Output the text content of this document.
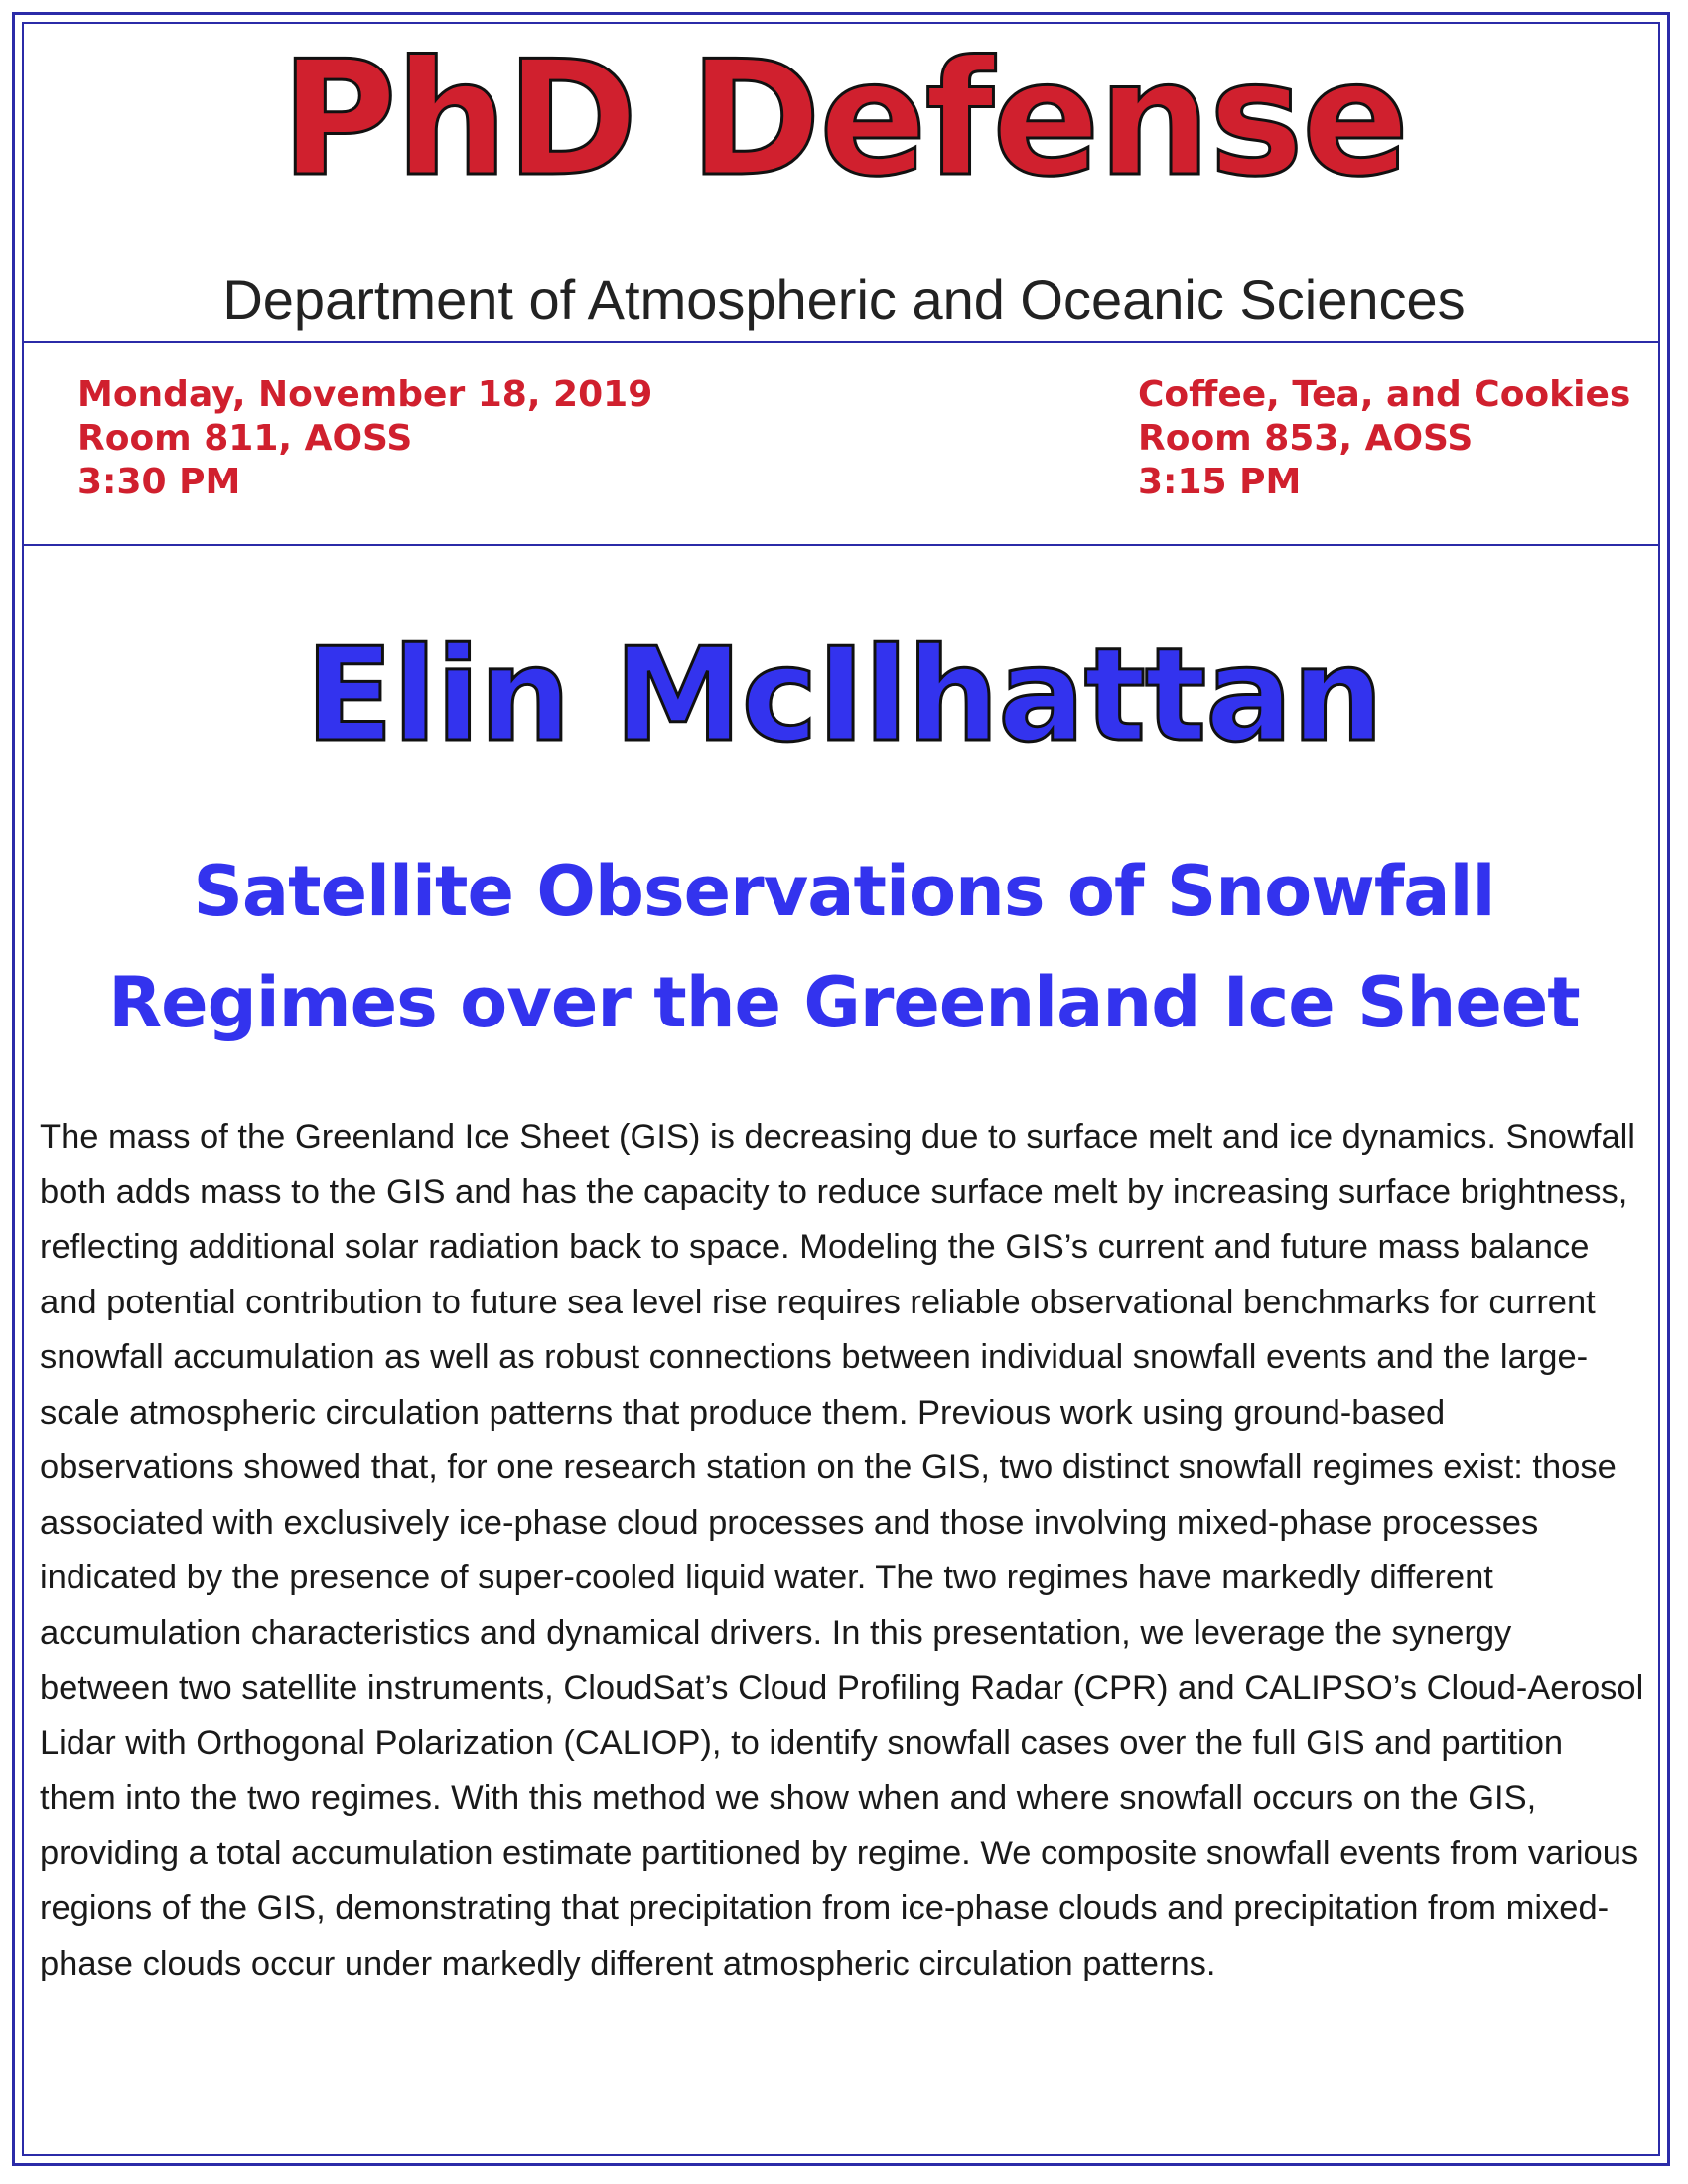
PhD Defense
Department of Atmospheric and Oceanic Sciences
Monday, November 18, 2019
Room 811, AOSS
3:30 PM
Coffee, Tea, and Cookies
Room 853, AOSS
3:15 PM
Elin McIlhattan
Satellite Observations of Snowfall
Regimes over the Greenland Ice Sheet

The mass of the Greenland Ice Sheet (GIS) is decreasing due to surface melt and ice dynamics. Snowfall both adds mass to the GIS and has the capacity to reduce surface melt by increasing surface brightness, reflecting additional solar radiation back to space. Modeling the GIS’s current and future mass balance and potential contribution to future sea level rise requires reliable observational benchmarks for current snowfall accumulation as well as robust connections between individual snowfall events and the large-scale atmospheric circulation patterns that produce them. Previous work using ground-based observations showed that, for one research station on the GIS, two distinct snowfall regimes exist: those associated with exclusively ice-phase cloud processes and those involving mixed-phase processes indicated by the presence of super-cooled liquid water. The two regimes have markedly different accumulation characteristics and dynamical drivers. In this presentation, we leverage the synergy between two satellite instruments, CloudSat’s Cloud Profiling Radar (CPR) and CALIPSO’s Cloud-Aerosol Lidar with Orthogonal Polarization (CALIOP), to identify snowfall cases over the full GIS and partition them into the two regimes. With this method we show when and where snowfall occurs on the GIS, providing a total accumulation estimate partitioned by regime. We composite snowfall events from various regions of the GIS, demonstrating that precipitation from ice-phase clouds and precipitation from mixed-phase clouds occur under markedly different atmospheric circulation patterns.
